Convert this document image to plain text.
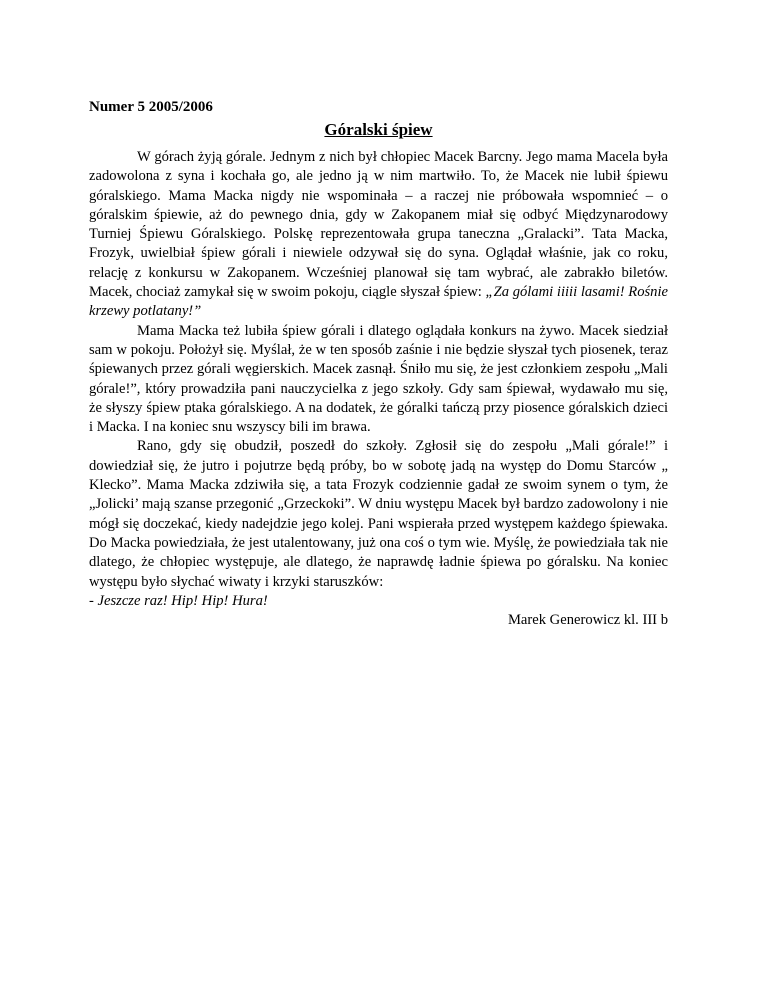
Numer 5 2005/2006

Góralski śpiew

W górach żyją górale. Jednym z nich był chłopiec Macek Barcny. Jego mama Macela była zadowolona z syna i kochała go, ale jedno ją w nim martwiło. To, że Macek nie lubił śpiewu góralskiego. Mama Macka nigdy nie wspominała – a raczej nie próbowała wspomnieć – o góralskim śpiewie, aż do pewnego dnia, gdy w Zakopanem miał się odbyć Międzynarodowy Turniej Śpiewu Góralskiego. Polskę reprezentowała grupa taneczna „Gralacki”. Tata Macka, Frozyk, uwielbiał śpiew górali i niewiele odzywał się do syna. Oglądał właśnie, jak co roku, relację z konkursu w Zakopanem. Wcześniej planował się tam wybrać, ale zabrakło biletów. Macek, chociaż zamykał się w swoim pokoju, ciągle słyszał śpiew: „Za gólami iiiii lasami! Rośnie krzewy potlatany!”

Mama Macka też lubiła śpiew górali i dlatego oglądała konkurs na żywo. Macek siedział sam w pokoju. Położył się. Myślał, że w ten sposób zaśnie i nie będzie słyszał tych piosenek, teraz śpiewanych przez górali węgierskich. Macek zasnął. Śniło mu się, że jest członkiem zespołu „Mali górale!”, który prowadziła pani nauczycielka z jego szkoły. Gdy sam śpiewał, wydawało mu się, że słyszy śpiew ptaka góralskiego. A na dodatek, że góralki tańczą przy piosence góralskich dzieci i Macka. I na koniec snu wszyscy bili im brawa.

Rano, gdy się obudził, poszedł do szkoły. Zgłosił się do zespołu „Mali górale!” i dowiedział się, że jutro i pojutrze będą próby, bo w sobotę jadą na występ do Domu Starców „ Klecko”. Mama Macka zdziwiła się, a tata Frozyk codziennie gadał ze swoim synem o tym, że „Jolicki’ mają szanse przegonić „Grzeckoki”. W dniu występu Macek był bardzo zadowolony i nie mógł się doczekać, kiedy nadejdzie jego kolej. Pani wspierała przed występem każdego śpiewaka. Do Macka powiedziała, że jest utalentowany, już ona coś o tym wie. Myślę, że powiedziała tak nie dlatego, że chłopiec występuje, ale dlatego, że naprawdę ładnie śpiewa po góralsku. Na koniec występu było słychać wiwaty i krzyki staruszków:

- Jeszcze raz! Hip! Hip! Hura!

Marek Generowicz kl. III b
